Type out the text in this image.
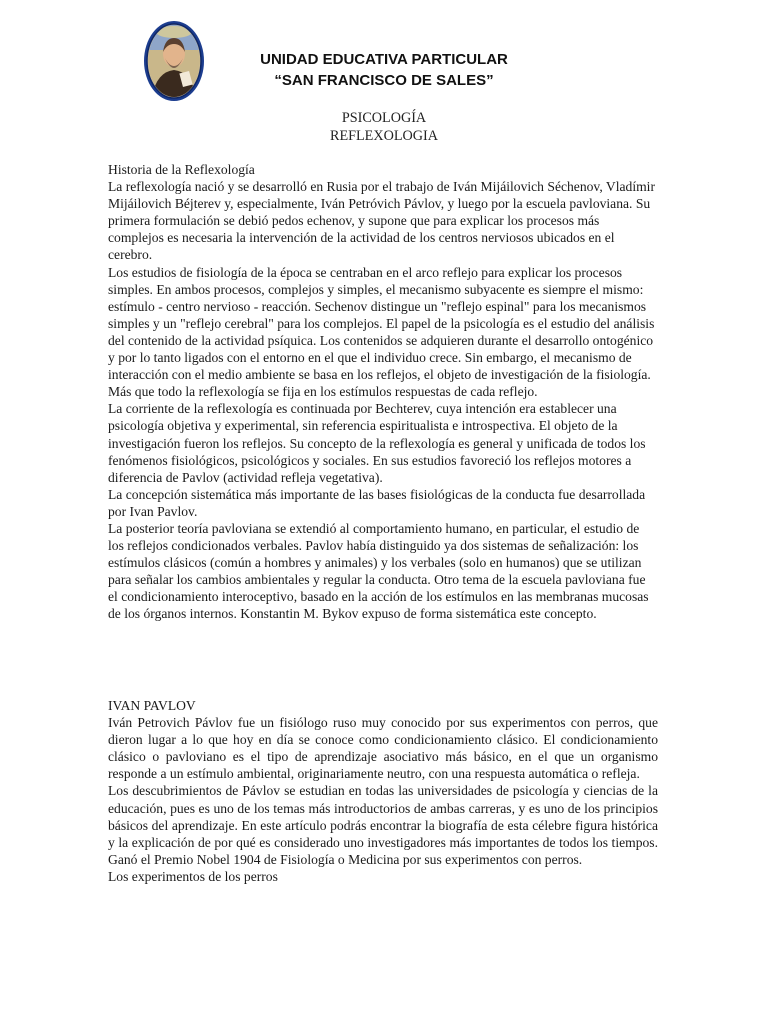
UNIDAD EDUCATIVA PARTICULAR
“SAN FRANCISCO DE SALES”
PSICOLOGÍA
REFLEXOLOGIA

Historia de la Reflexología

La reflexología nació y se desarrolló en Rusia por el trabajo de Iván Mijáilovich Séchenov, Vladímir Mijáilovich Béjterev y, especialmente, Iván Petróvich Pávlov, y luego por la escuela pavloviana. Su primera formulación se debió pedos echenov, y supone que para explicar los procesos más complejos es necesaria la intervención de la actividad de los centros nerviosos ubicados en el cerebro.

Los estudios de fisiología de la época se centraban en el arco reflejo para explicar los procesos simples. En ambos procesos, complejos y simples, el mecanismo subyacente es siempre el mismo: estímulo - centro nervioso - reacción. Sechenov distingue un "reflejo espinal" para los mecanismos simples y un "reflejo cerebral" para los complejos. El papel de la psicología es el estudio del análisis del contenido de la actividad psíquica. Los contenidos se adquieren durante el desarrollo ontogénico y por lo tanto ligados con el entorno en el que el individuo crece. Sin embargo, el mecanismo de interacción con el medio ambiente se basa en los reflejos, el objeto de investigación de la fisiología.

Más que todo la reflexología se fija en los estímulos respuestas de cada reflejo.

La corriente de la reflexología es continuada por Bechterev, cuya intención era establecer una psicología objetiva y experimental, sin referencia espiritualista e introspectiva. El objeto de la investigación fueron los reflejos. Su concepto de la reflexología es general y unificada de todos los fenómenos fisiológicos, psicológicos y sociales. En sus estudios favoreció los reflejos motores a diferencia de Pavlov (actividad refleja vegetativa).

La concepción sistemática más importante de las bases fisiológicas de la conducta fue desarrollada por Ivan Pavlov.

La posterior teoría pavloviana se extendió al comportamiento humano, en particular, el estudio de los reflejos condicionados verbales. Pavlov había distinguido ya dos sistemas de señalización: los estímulos clásicos (común a hombres y animales) y los verbales (solo en humanos) que se utilizan para señalar los cambios ambientales y regular la conducta. Otro tema de la escuela pavloviana fue el condicionamiento interoceptivo, basado en la acción de los estímulos en las membranas mucosas de los órganos internos. Konstantin M. Bykov expuso de forma sistemática este concepto.

IVAN PAVLOV

Iván Petrovich Pávlov fue un fisiólogo ruso muy conocido por sus experimentos con perros, que dieron lugar a lo que hoy en día se conoce como condicionamiento clásico. El condicionamiento clásico o pavloviano es el tipo de aprendizaje asociativo más básico, en el que un organismo responde a un estímulo ambiental, originariamente neutro, con una respuesta automática o refleja.

Los descubrimientos de Pávlov se estudian en todas las universidades de psicología y ciencias de la educación, pues es uno de los temas más introductorios de ambas carreras, y es uno de los principios básicos del aprendizaje. En este artículo podrás encontrar la biografía de esta célebre figura histórica y la explicación de por qué es considerado uno investigadores más importantes de todos los tiempos. Ganó el Premio Nobel 1904 de Fisiología o Medicina por sus experimentos con perros.

Los experimentos de los perros
